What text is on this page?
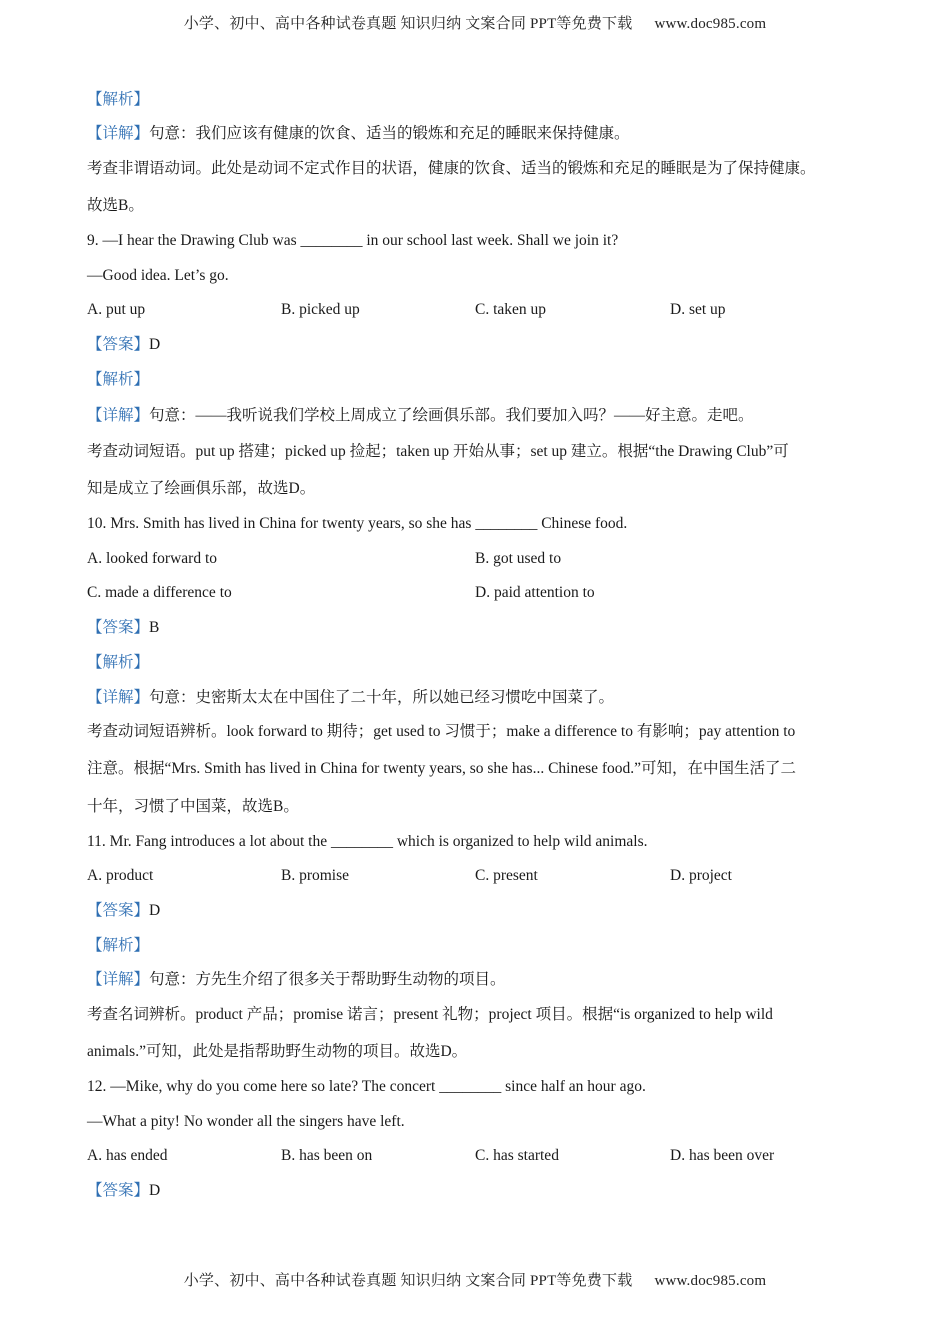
小学、初中、高中各种试卷真题 知识归纳 文案合同 PPT等免费下载 www.doc985.com
【解析】
【详解】句意：我们应该有健康的饮食、适当的锻炼和充足的睡眠来保持健康。
考查非谓语动词。此处是动词不定式作目的状语，健康的饮食、适当的锻炼和充足的睡眠是为了保持健康。
故选B。
9. —I hear the Drawing Club was ________ in our school last week. Shall we join it?
—Good idea. Let’s go.
A. put up	B. picked up	C. taken up	D. set up
【答案】D
【解析】
【详解】句意：——我听说我们学校上周成立了绘画俱乐部。我们要加入吗？——好主意。走吧。
考查动词短语。put up 搭建；picked up 捡起；taken up 开始从事；set up 建立。根据“the Drawing Club”可
知是成立了绘画俱乐部，故选D。
10. Mrs. Smith has lived in China for twenty years, so she has ________ Chinese food.
A. looked forward to	B. got used to
C. made a difference to	D. paid attention to
【答案】B
【解析】
【详解】句意：史密斯太太在中国住了二十年，所以她已经习惯吃中国菜了。
考查动词短语辨析。look forward to 期待；get used to 习惯于；make a difference to 有影响；pay attention to
注意。根据“Mrs. Smith has lived in China for twenty years, so she has... Chinese food.”可知，在中国生活了二
十年，习惯了中国菜，故选B。
11. Mr. Fang introduces a lot about the ________ which is organized to help wild animals.
A. product	B. promise	C. present	D. project
【答案】D
【解析】
【详解】句意：方先生介绍了很多关于帮助野生动物的项目。
考查名词辨析。product 产品；promise 诺言；present 礼物；project 项目。根据“is organized to help wild
animals.”可知，此处是指帮助野生动物的项目。故选D。
12. —Mike, why do you come here so late? The concert ________ since half an hour ago.
—What a pity! No wonder all the singers have left.
A. has ended	B. has been on	C. has started	D. has been over
【答案】D
小学、初中、高中各种试卷真题 知识归纳 文案合同 PPT等免费下载 www.doc985.com
